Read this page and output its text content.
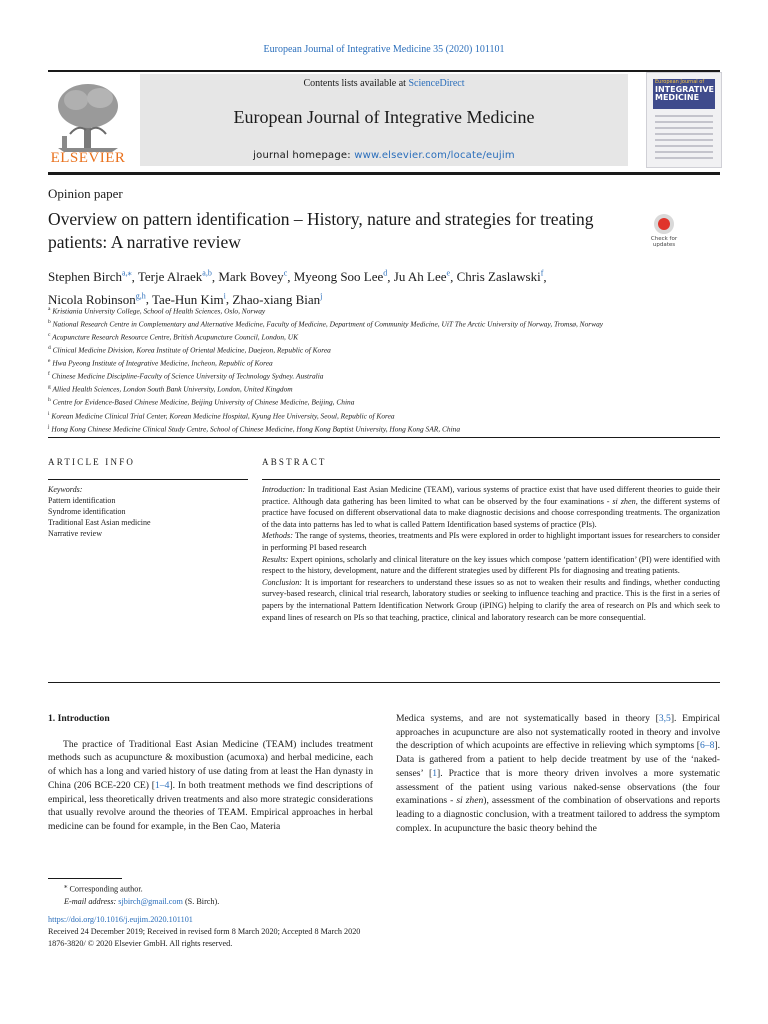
European Journal of Integrative Medicine 35 (2020) 101101
ELSEVIER
Contents lists available at ScienceDirect
European Journal of Integrative Medicine
journal homepage: www.elsevier.com/locate/eujim
European Journal of
INTEGRATIVE MEDICINE
Opinion paper
Overview on pattern identification – History, nature and strategies for treating patients: A narrative review	Check for updates
Stephen Birch$^{a,⁎}$, Terje Alraek$^{a,b}$, Mark Bovey$^c$, Myeong Soo Lee$^d$, Ju Ah Lee$^e$, Chris Zaslawski$^f$,
Nicola Robinson$^{g,h}$, Tae-Hun Kim$^i$, Zhao-xiang Bian$^j$
$^a$ Kristiania University College, School of Health Sciences, Oslo, Norway
$^b$ National Research Centre in Complementary and Alternative Medicine, Faculty of Medicine, Department of Community Medicine, UiT The Arctic University of Norway, Tromsø, Norway
$^c$ Acupuncture Research Resource Centre, British Acupuncture Council, London, UK
$^d$ Clinical Medicine Division, Korea Institute of Oriental Medicine, Daejeon, Republic of Korea
$^e$ Hwa Pyeong Institute of Integrative Medicine, Incheon, Republic of Korea
$^f$ Chinese Medicine Discipline-Faculty of Science University of Technology Sydney. Australia
$^g$ Allied Health Sciences, London South Bank University, London, United Kingdom
$^h$ Centre for Evidence-Based Chinese Medicine, Beijing University of Chinese Medicine, Beijing, China
$^i$ Korean Medicine Clinical Trial Center, Korean Medicine Hospital, Kyung Hee University, Seoul, Republic of Korea
$^j$ Hong Kong Chinese Medicine Clinical Study Centre, School of Chinese Medicine, Hong Kong Baptist University, Hong Kong SAR, China
ARTICLE INFO	ABSTRACT
Keywords:
Pattern identification
Syndrome identification
Traditional East Asian medicine
Narrative review

Introduction: In traditional East Asian Medicine (TEAM), various systems of practice exist that have used different theories to guide their practice. Although data gathering has been limited to what can be observed by the four examinations - si zhen, the different systems of practice have focused on different observational data to make diagnostic decisions and choose corresponding treatments. The organization of the data into patterns has led to what is called Pattern Identification based systems of practice (PIs).

Methods: The range of systems, theories, treatments and PIs were explored in order to highlight important issues for researchers to consider in performing PI based research

Results: Expert opinions, scholarly and clinical literature on the key issues which compose ‘pattern identification’ (PI) were identified with respect to the history, development, nature and the different strategies used by different PIs for diagnosing and treating patients.

Conclusion: It is important for researchers to understand these issues so as not to weaken their results and findings, whether conducting survey-based research, clinical trial research, laboratory studies or seeking to influence teaching and practice. This is the first in a series of papers by the international Pattern Identification Network Group (iPING) helping to clarify the area of research on PIs and which seek to expand lines of research on PIs so that teaching, practice, clinical and laboratory research can be more consequential.

1. Introduction

The practice of Traditional East Asian Medicine (TEAM) includes treatment methods such as acupuncture & moxibustion (acumoxa) and herbal medicine, each of which has a long and varied history of use dating from at least the Han dynasty in China (206 BCE-220 CE) [1–4]. In both treatment methods we find descriptions of empirical, less theoretically driven treatments and also more strategic considerations that usually revolve around the theories of TEAM. Empirical approaches in herbal medicine can be found for example, in the Ben Cao, Materia

Medica systems, and are not systematically based in theory [3,5]. Empirical approaches in acupuncture are also not systematically rooted in theory and involve the description of which acupoints are effective in relieving which symptoms [6–8]. Data is gathered from a patient to help decide treatment by use of the ‘naked-senses’ [1]. Practice that is more theory driven involves a more systematic assessment of the patient using various naked-sense observations (the four examinations - si zhen), assessment of the combination of observations and reports leading to a diagnostic conclusion, with a treatment tailored to address the symptom complex. In acupuncture the basic theory behind the

⁎ Corresponding author.
E-mail address: sjbirch@gmail.com (S. Birch).
https://doi.org/10.1016/j.eujim.2020.101101
Received 24 December 2019; Received in revised form 8 March 2020; Accepted 8 March 2020
1876-3820/ © 2020 Elsevier GmbH. All rights reserved.
